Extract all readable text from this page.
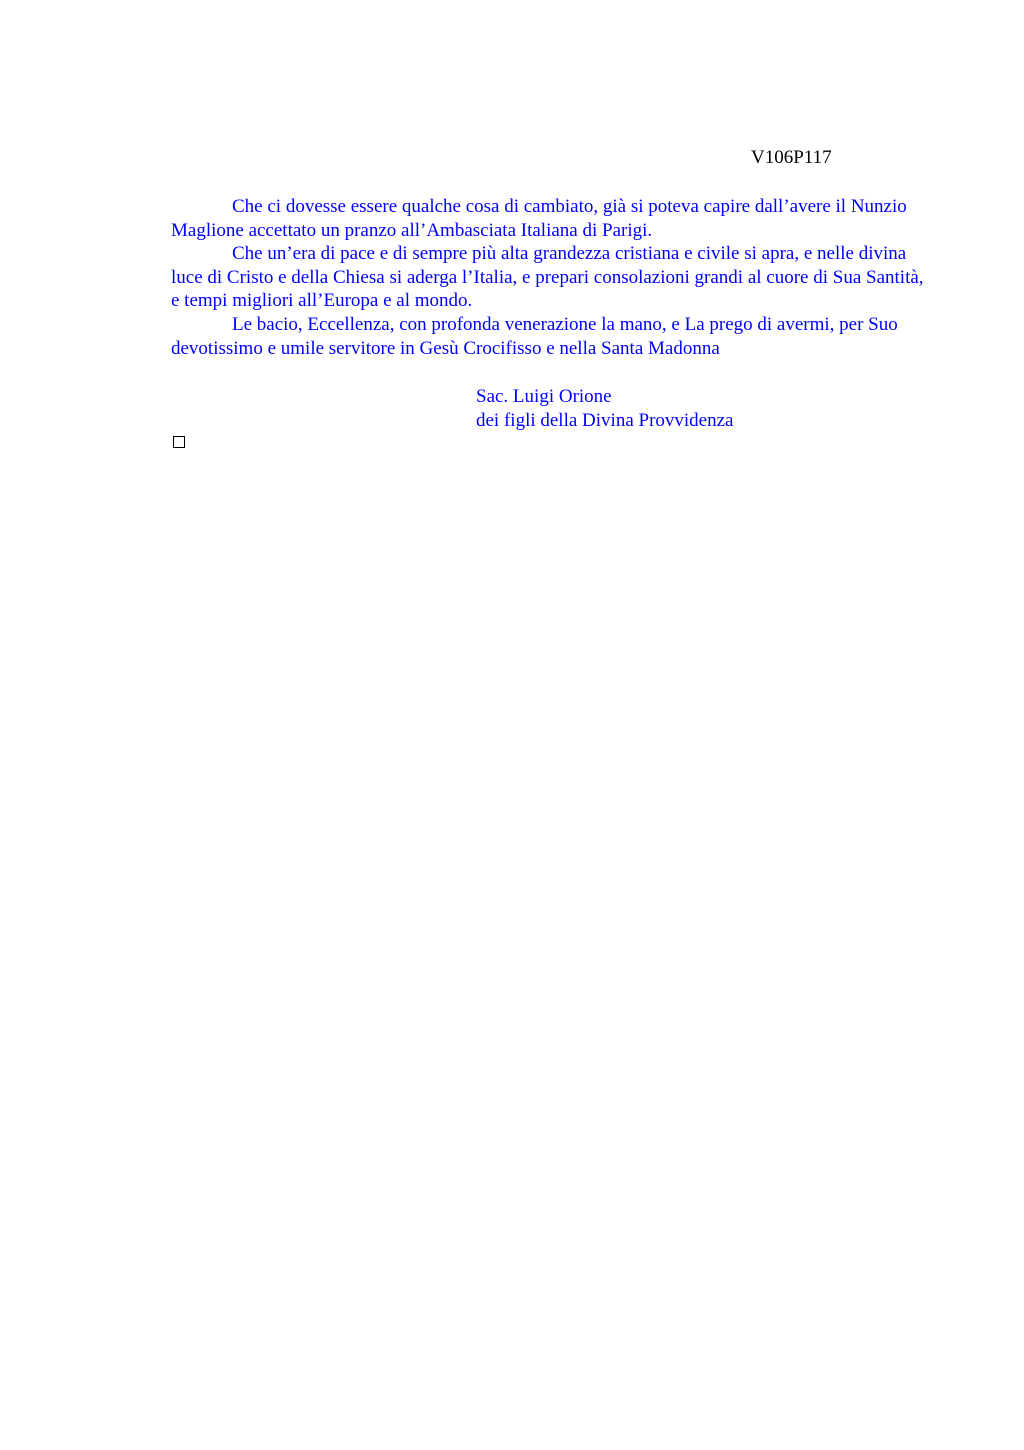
V106P117

Che ci dovesse essere qualche cosa di cambiato, già si poteva capire dall’avere il Nunzio Maglione accettato un pranzo all’Ambasciata Italiana di Parigi.

Che un’era di pace e di sempre più alta grandezza cristiana e civile si apra, e nelle divina luce di Cristo e della Chiesa si aderga l’Italia, e prepari consolazioni grandi al cuore di Sua Santità, e tempi migliori all’Europa e al mondo.

Le bacio, Eccellenza, con profonda venerazione la mano, e La prego di avermi, per Suo devotissimo e umile servitore in Gesù Crocifisso e nella Santa Madonna

Sac. Luigi Orione
dei figli della Divina Provvidenza
